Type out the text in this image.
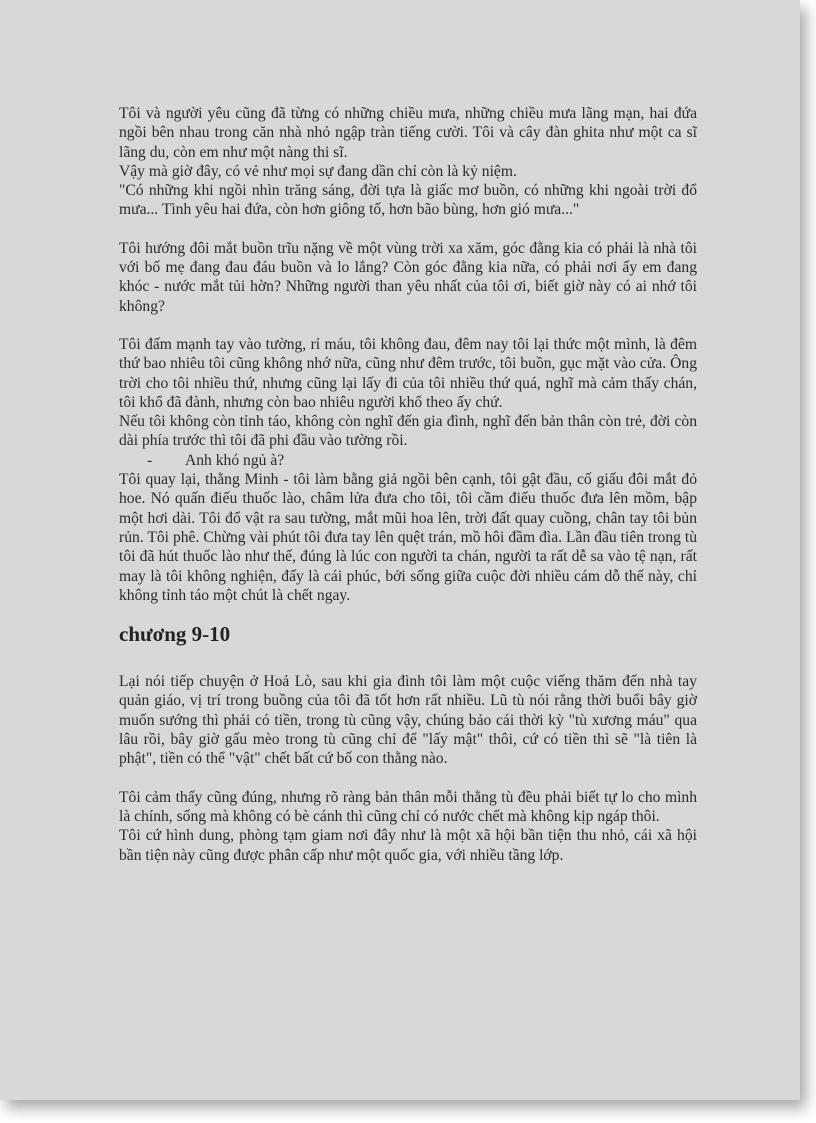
Tôi và người yêu cũng đã từng có những chiều mưa, những chiều mưa lãng mạn, hai đứa ngồi bên nhau trong căn nhà nhỏ ngập tràn tiếng cười. Tôi và cây đàn ghita như một ca sĩ lãng du, còn em như một nàng thi sĩ.

Vậy mà giờ đây, có vẻ như mọi sự đang dần chỉ còn là kỷ niệm.

"Có những khi ngồi nhìn trăng sáng, đời tựa là giấc mơ buồn, có những khi ngoài trời đổ mưa... Tình yêu hai đứa, còn hơn giông tố, hơn bão bùng, hơn gió mưa..."

Tôi hướng đôi mắt buồn trĩu nặng về một vùng trời xa xăm, góc đằng kia có phải là nhà tôi với bố mẹ đang đau đáu buồn và lo lắng? Còn góc đằng kia nữa, có phải nơi ấy em đang khóc - nước mắt tủi hờn? Những người than yêu nhất của tôi ơi, biết giờ này có ai nhớ tôi không?

Tôi đấm mạnh tay vào tường, rỉ máu, tôi không đau, đêm nay tôi lại thức một mình, là đêm thứ bao nhiêu tôi cũng không nhớ nữa, cũng như đêm trước, tôi buồn, gục mặt vào cửa. Ông trời cho tôi nhiều thứ, nhưng cũng lại lấy đi của tôi nhiều thứ quá, nghĩ mà cảm thấy chán, tôi khổ đã đành, nhưng còn bao nhiêu người khổ theo ấy chứ.

Nếu tôi không còn tỉnh táo, không còn nghĩ đến gia đình, nghĩ đến bản thân còn trẻ, đời còn dài phía trước thì tôi đã phi đầu vào tường rồi.

- Anh khó ngủ à?

Tôi quay lại, thằng Minh - tôi làm bằng giả ngồi bên cạnh, tôi gật đầu, cố giấu đôi mắt đỏ hoe. Nó quấn điếu thuốc lào, châm lửa đưa cho tôi, tôi cầm điếu thuốc đưa lên mồm, bập một hơi dài. Tôi đổ vật ra sau tường, mắt mũi hoa lên, trời đất quay cuồng, chân tay tôi bủn rủn. Tôi phê. Chừng vài phút tôi đưa tay lên quệt trán, mồ hôi đầm đìa. Lần đầu tiên trong tù tôi đã hút thuốc lào như thế, đúng là lúc con người ta chán, người ta rất dễ sa vào tệ nạn, rất may là tôi không nghiện, đấy là cái phúc, bởi sống giữa cuộc đời nhiều cám dỗ thế này, chỉ không tỉnh táo một chút là chết ngay.

chương 9-10

Lại nói tiếp chuyện ở Hoả Lò, sau khi gia đình tôi làm một cuộc viếng thăm đến nhà tay quản giáo, vị trí trong buồng của tôi đã tốt hơn rất nhiều. Lũ tù nói rằng thời buổi bây giờ muốn sướng thì phải có tiền, trong tù cũng vậy, chúng bảo cái thời kỳ "tù xương máu" qua lâu rồi, bây giờ gấu mèo trong tù cũng chỉ để "lấy mật" thôi, cứ có tiền thì sẽ "là tiên là phật", tiền có thể "vật" chết bất cứ bố con thằng nào.

Tôi cảm thấy cũng đúng, nhưng rõ ràng bản thân mỗi thằng tù đều phải biết tự lo cho mình là chính, sống mà không có bè cánh thì cũng chỉ có nước chết mà không kịp ngáp thôi.

Tôi cứ hình dung, phòng tạm giam nơi đây như là một xã hội bần tiện thu nhỏ, cái xã hội bần tiện này cũng được phân cấp như một quốc gia, với nhiều tầng lớp.
